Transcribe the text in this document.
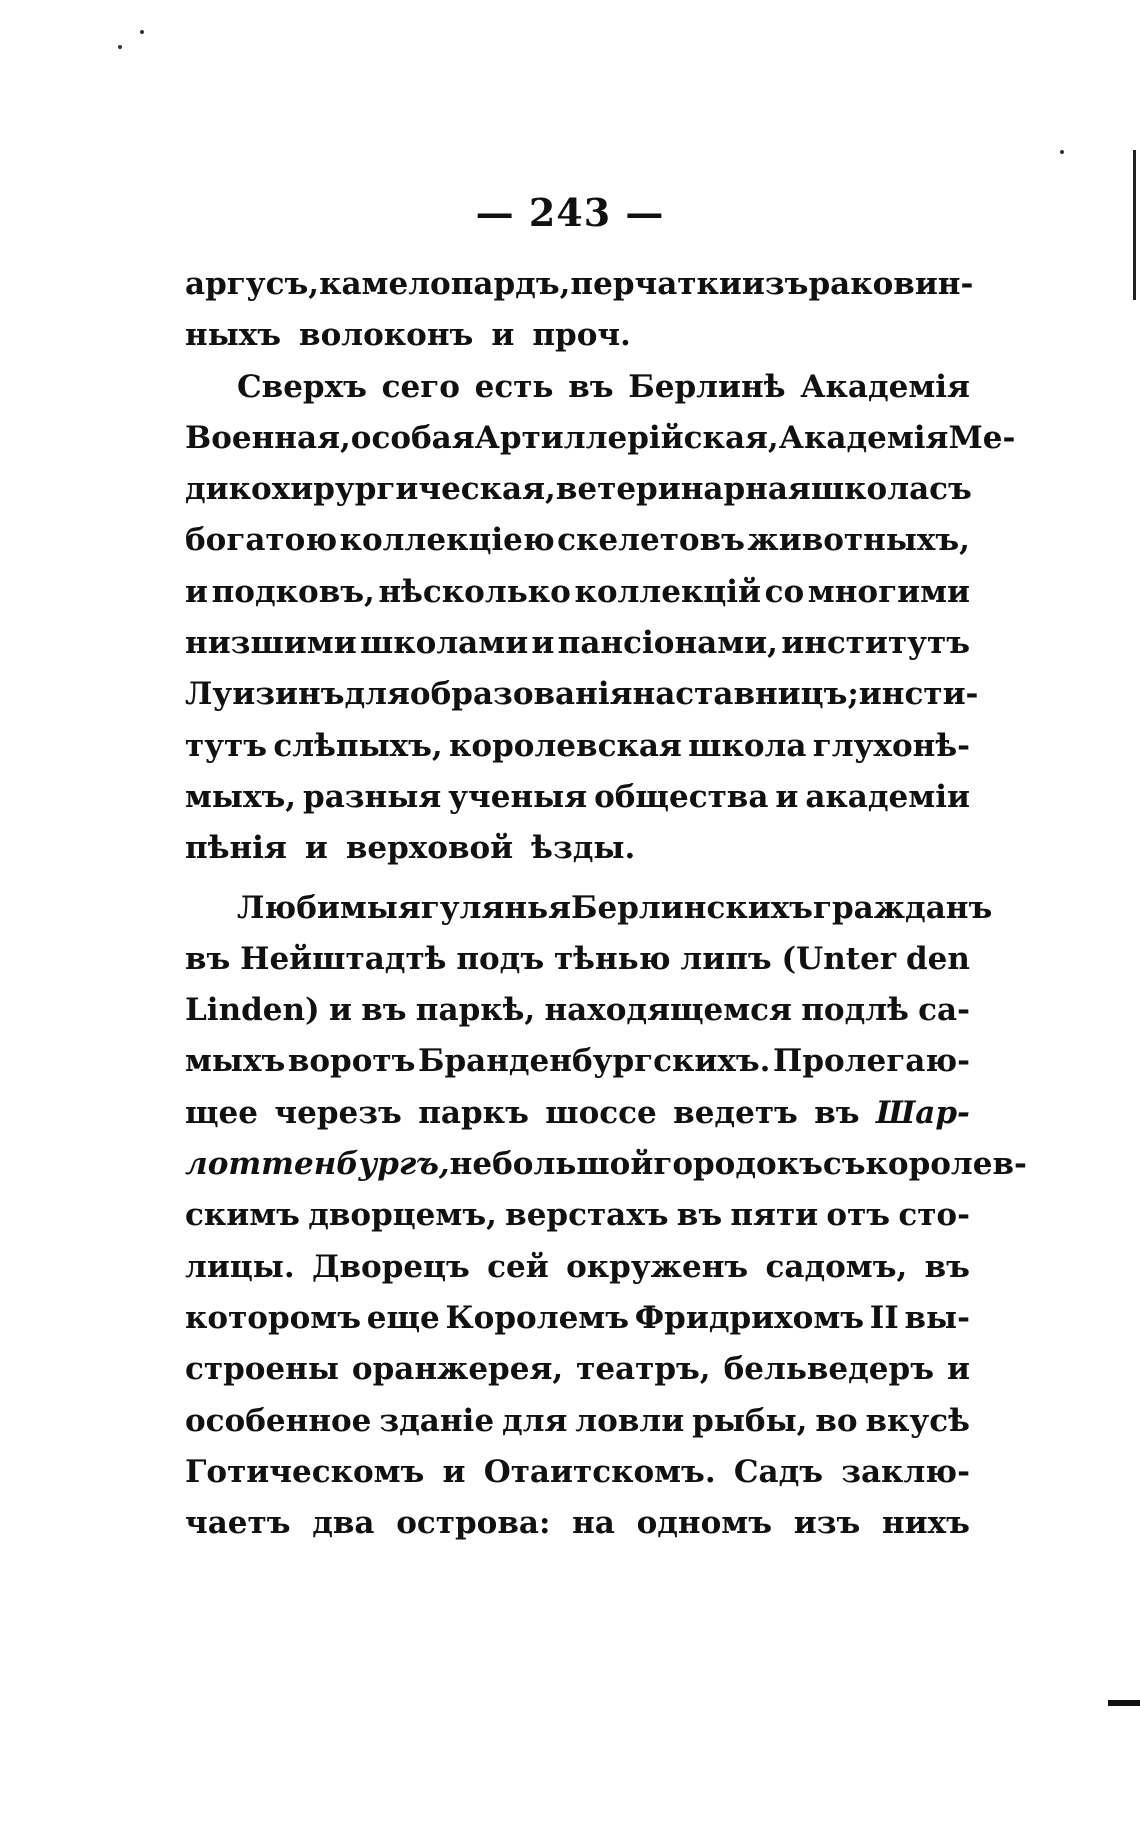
— 243 —
аргусъ, камелопардъ, перчатки изъ раковин-
ныхъ волоконъ и проч.
Сверхъ сего есть въ Берлинѣ Академія
Военная, особая Артиллерійская, Академія Ме-
дикохирургическая, ветеринарная школа съ
богатою коллекціею скелетовъ животныхъ,
и подковъ, нѣсколько коллекцій со многими
низшими школами и пансіонами, институтъ
Луизинъ для образованія наставницъ; инсти-
тутъ слѣпыхъ, королевская школа глухонѣ-
мыхъ, разныя ученыя общества и академіи
пѣнія и верховой ѣзды.
Любимыя гулянья Берлинскихъ гражданъ
въ Нейштадтѣ подъ тѣнью липъ (Unter den
Linden) и въ паркѣ, находящемся подлѣ са-
мыхъ воротъ Бранденбургскихъ. Пролегаю-
щее черезъ паркъ шоссе ведетъ въ Шар-
лоттенбургъ, небольшой городокъ съ королев-
скимъ дворцемъ, верстахъ въ пяти отъ сто-
лицы. Дворецъ сей окруженъ садомъ, въ
которомъ еще Королемъ Фридрихомъ II вы-
строены оранжерея, театръ, бельведеръ и
особенное зданіе для ловли рыбы, во вкусѣ
Готическомъ и Отаитскомъ. Садъ заклю-
чаетъ два острова: на одномъ изъ нихъ
